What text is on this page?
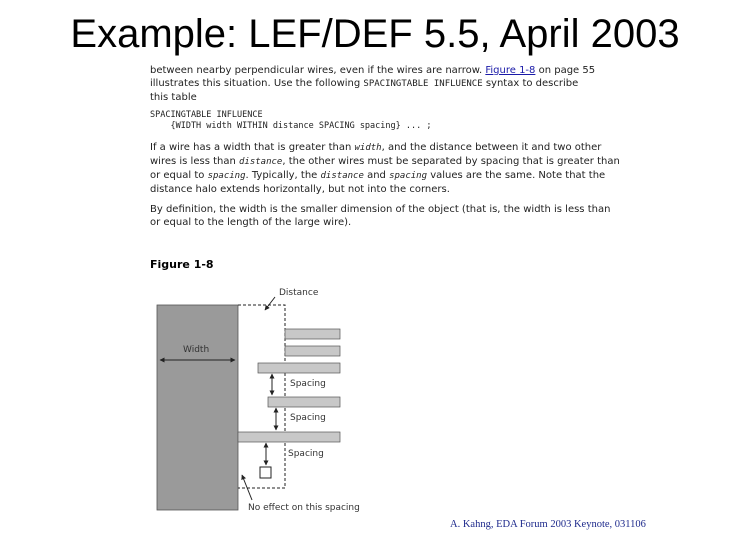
Example: LEF/DEF 5.5, April 2003

between nearby perpendicular wires, even if the wires are narrow. Figure 1-8 on page 55
illustrates this situation. Use the following SPACINGTABLE INFLUENCE syntax to describe
this table

SPACINGTABLE INFLUENCE
{WIDTH width WITHIN distance SPACING spacing} ... ;

If a wire has a width that is greater than width, and the distance between it and two other wires is less than distance, the other wires must be separated by spacing that is greater than or equal to spacing. Typically, the distance and spacing values are the same. Note that the distance halo extends horizontally, but not into the corners.

By definition, the width is the smaller dimension of the object (that is, the width is less than or equal to the length of the large wire).

Figure 1-8
Width
Distance
Spacing
Spacing
Spacing
No effect on this spacing
A. Kahng, EDA Forum 2003 Keynote, 031106
